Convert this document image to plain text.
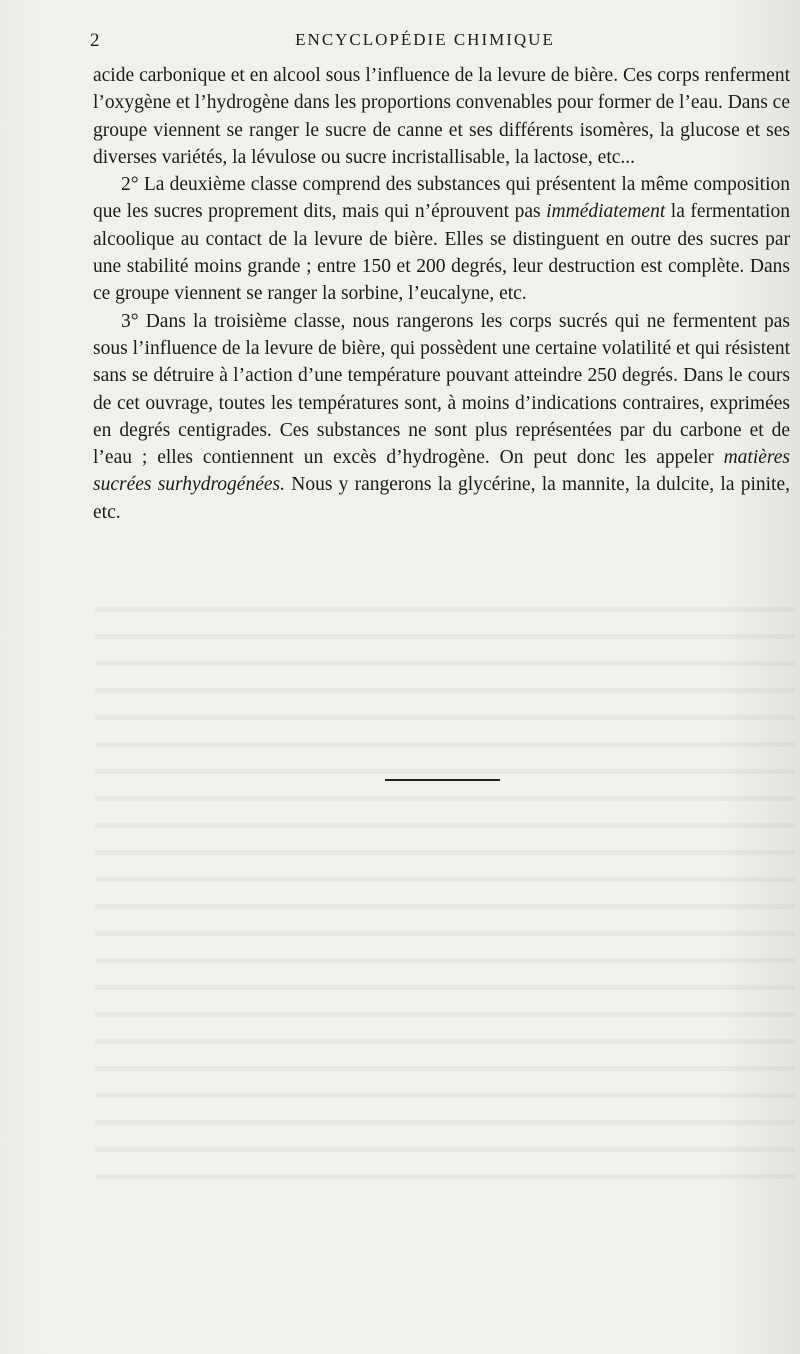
2	ENCYCLOPÉDIE CHIMIQUE

acide carbonique et en alcool sous l’influence de la levure de bière. Ces corps renferment l’oxygène et l’hydrogène dans les proportions convenables pour former de l’eau. Dans ce groupe viennent se ranger le sucre de canne et ses différents isomères, la glucose et ses diverses variétés, la lévulose ou sucre incristallisable, la lactose, etc...

2° La deuxième classe comprend des substances qui présentent la même composition que les sucres proprement dits, mais qui n’éprouvent pas immédiatement la fermentation alcoolique au contact de la levure de bière. Elles se distinguent en outre des sucres par une stabilité moins grande ; entre 150 et 200 degrés, leur destruction est complète. Dans ce groupe viennent se ranger la sorbine, l’eucalyne, etc.

3° Dans la troisième classe, nous rangerons les corps sucrés qui ne fermentent pas sous l’influence de la levure de bière, qui possèdent une certaine volatilité et qui résistent sans se détruire à l’action d’une température pouvant atteindre 250 degrés. Dans le cours de cet ouvrage, toutes les températures sont, à moins d’indications contraires, exprimées en degrés centigrades. Ces substances ne sont plus représentées par du carbone et de l’eau ; elles contiennent un excès d’hydrogène. On peut donc les appeler matières sucrées surhydrogénées. Nous y rangerons la glycérine, la mannite, la dulcite, la pinite, etc.
